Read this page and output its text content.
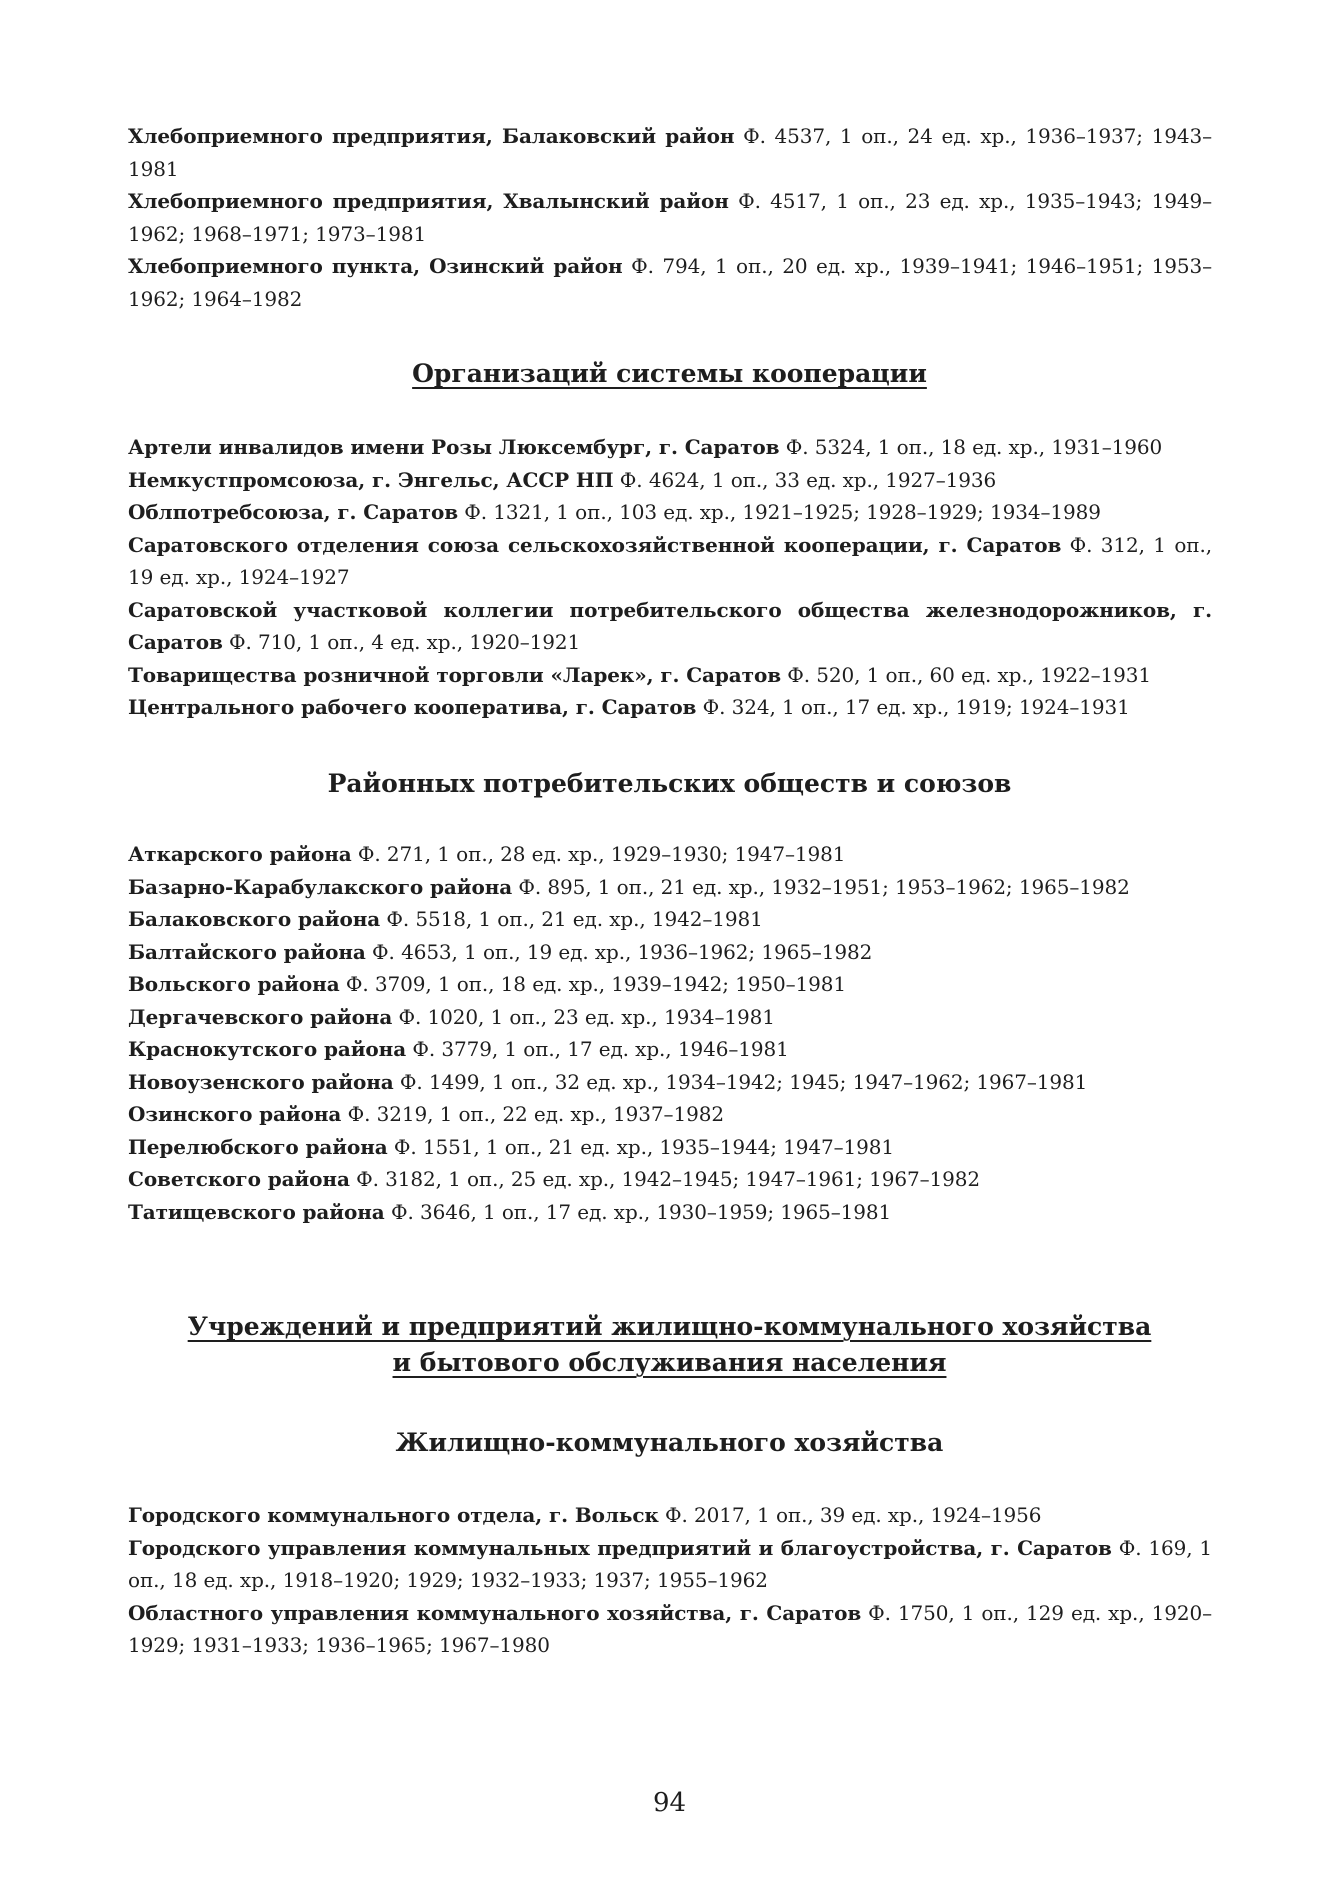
Хлебоприемного предприятия, Балаковский район Ф. 4537, 1 оп., 24 ед. хр., 1936–1937; 1943–1981
Хлебоприемного предприятия, Хвалынский район Ф. 4517, 1 оп., 23 ед. хр., 1935–1943; 1949–1962; 1968–1971; 1973–1981
Хлебоприемного пункта, Озинский район Ф. 794, 1 оп., 20 ед. хр., 1939–1941; 1946–1951; 1953–1962; 1964–1982
Организаций системы кооперации
Артели инвалидов имени Розы Люксембург, г. Саратов Ф. 5324, 1 оп., 18 ед. хр., 1931–1960
Немкустпромсоюза, г. Энгельс, АССР НП Ф. 4624, 1 оп., 33 ед. хр., 1927–1936
Облпотребсоюза, г. Саратов Ф. 1321, 1 оп., 103 ед. хр., 1921–1925; 1928–1929; 1934–1989
Саратовского отделения союза сельскохозяйственной кооперации, г. Саратов Ф. 312, 1 оп., 19 ед. хр., 1924–1927
Саратовской участковой коллегии потребительского общества железнодорожников, г. Саратов Ф. 710, 1 оп., 4 ед. хр., 1920–1921
Товарищества розничной торговли «Ларек», г. Саратов Ф. 520, 1 оп., 60 ед. хр., 1922–1931
Центрального рабочего кооператива, г. Саратов Ф. 324, 1 оп., 17 ед. хр., 1919; 1924–1931
Районных потребительских обществ и союзов
Аткарского района Ф. 271, 1 оп., 28 ед. хр., 1929–1930; 1947–1981
Базарно-Карабулакского района Ф. 895, 1 оп., 21 ед. хр., 1932–1951; 1953–1962; 1965–1982
Балаковского района Ф. 5518, 1 оп., 21 ед. хр., 1942–1981
Балтайского района Ф. 4653, 1 оп., 19 ед. хр., 1936–1962; 1965–1982
Вольского района Ф. 3709, 1 оп., 18 ед. хр., 1939–1942; 1950–1981
Дергачевского района Ф. 1020, 1 оп., 23 ед. хр., 1934–1981
Краснокутского района Ф. 3779, 1 оп., 17 ед. хр., 1946–1981
Новоузенского района Ф. 1499, 1 оп., 32 ед. хр., 1934–1942; 1945; 1947–1962; 1967–1981
Озинского района Ф. 3219, 1 оп., 22 ед. хр., 1937–1982
Перелюбского района Ф. 1551, 1 оп., 21 ед. хр., 1935–1944; 1947–1981
Советского района Ф. 3182, 1 оп., 25 ед. хр., 1942–1945; 1947–1961; 1967–1982
Татищевского района Ф. 3646, 1 оп., 17 ед. хр., 1930–1959; 1965–1981
Учреждений и предприятий жилищно-коммунального хозяйства
и бытового обслуживания населения
Жилищно-коммунального хозяйства
Городского коммунального отдела, г. Вольск Ф. 2017, 1 оп., 39 ед. хр., 1924–1956
Городского управления коммунальных предприятий и благоустройства, г. Саратов Ф. 169, 1 оп., 18 ед. хр., 1918–1920; 1929; 1932–1933; 1937; 1955–1962
Областного управления коммунального хозяйства, г. Саратов Ф. 1750, 1 оп., 129 ед. хр., 1920–1929; 1931–1933; 1936–1965; 1967–1980
94
